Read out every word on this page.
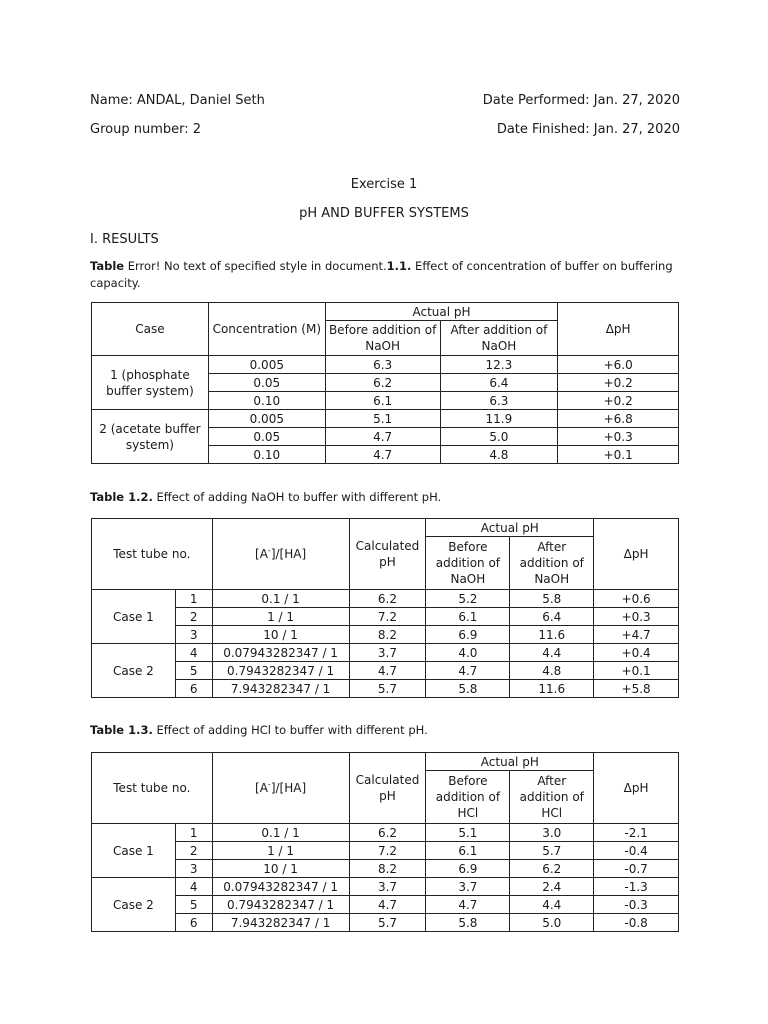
Name: ANDAL, Daniel Seth	Date Performed: Jan. 27, 2020
Group number: 2	Date Finished: Jan. 27, 2020
Exercise 1
pH AND BUFFER SYSTEMS
I. RESULTS
Table Error! No text of specified style in document.1.1. Effect of concentration of buffer on buffering capacity.
Case	Concentration (M)	Actual pH		ΔpH
		Before addition of NaOH	After addition of NaOH	
1 (phosphate buffer system)	0.005	6.3	12.3	+6.0
	0.05	6.2	6.4	+0.2
	0.10	6.1	6.3	+0.2
2 (acetate buffer system)	0.005	5.1	11.9	+6.8
	0.05	4.7	5.0	+0.3
	0.10	4.7	4.8	+0.1
Table 1.2. Effect of adding NaOH to buffer with different pH.
Test tube no.		[A-]/[HA]	Calculated pH	Actual pH		ΔpH
				Before addition of NaOH	After addition of NaOH	
Case 1	1	0.1 / 1	6.2	5.2	5.8	+0.6
	2	1 / 1	7.2	6.1	6.4	+0.3
	3	10 / 1	8.2	6.9	11.6	+4.7
Case 2	4	0.07943282347 / 1	3.7	4.0	4.4	+0.4
	5	0.7943282347 / 1	4.7	4.7	4.8	+0.1
	6	7.943282347 / 1	5.7	5.8	11.6	+5.8
Table 1.3. Effect of adding HCl to buffer with different pH.
Test tube no.		[A-]/[HA]	Calculated pH	Actual pH		ΔpH
				Before addition of HCl	After addition of HCl	
Case 1	1	0.1 / 1	6.2	5.1	3.0	-2.1
	2	1 / 1	7.2	6.1	5.7	-0.4
	3	10 / 1	8.2	6.9	6.2	-0.7
Case 2	4	0.07943282347 / 1	3.7	3.7	2.4	-1.3
	5	0.7943282347 / 1	4.7	4.7	4.4	-0.3
	6	7.943282347 / 1	5.7	5.8	5.0	-0.8
